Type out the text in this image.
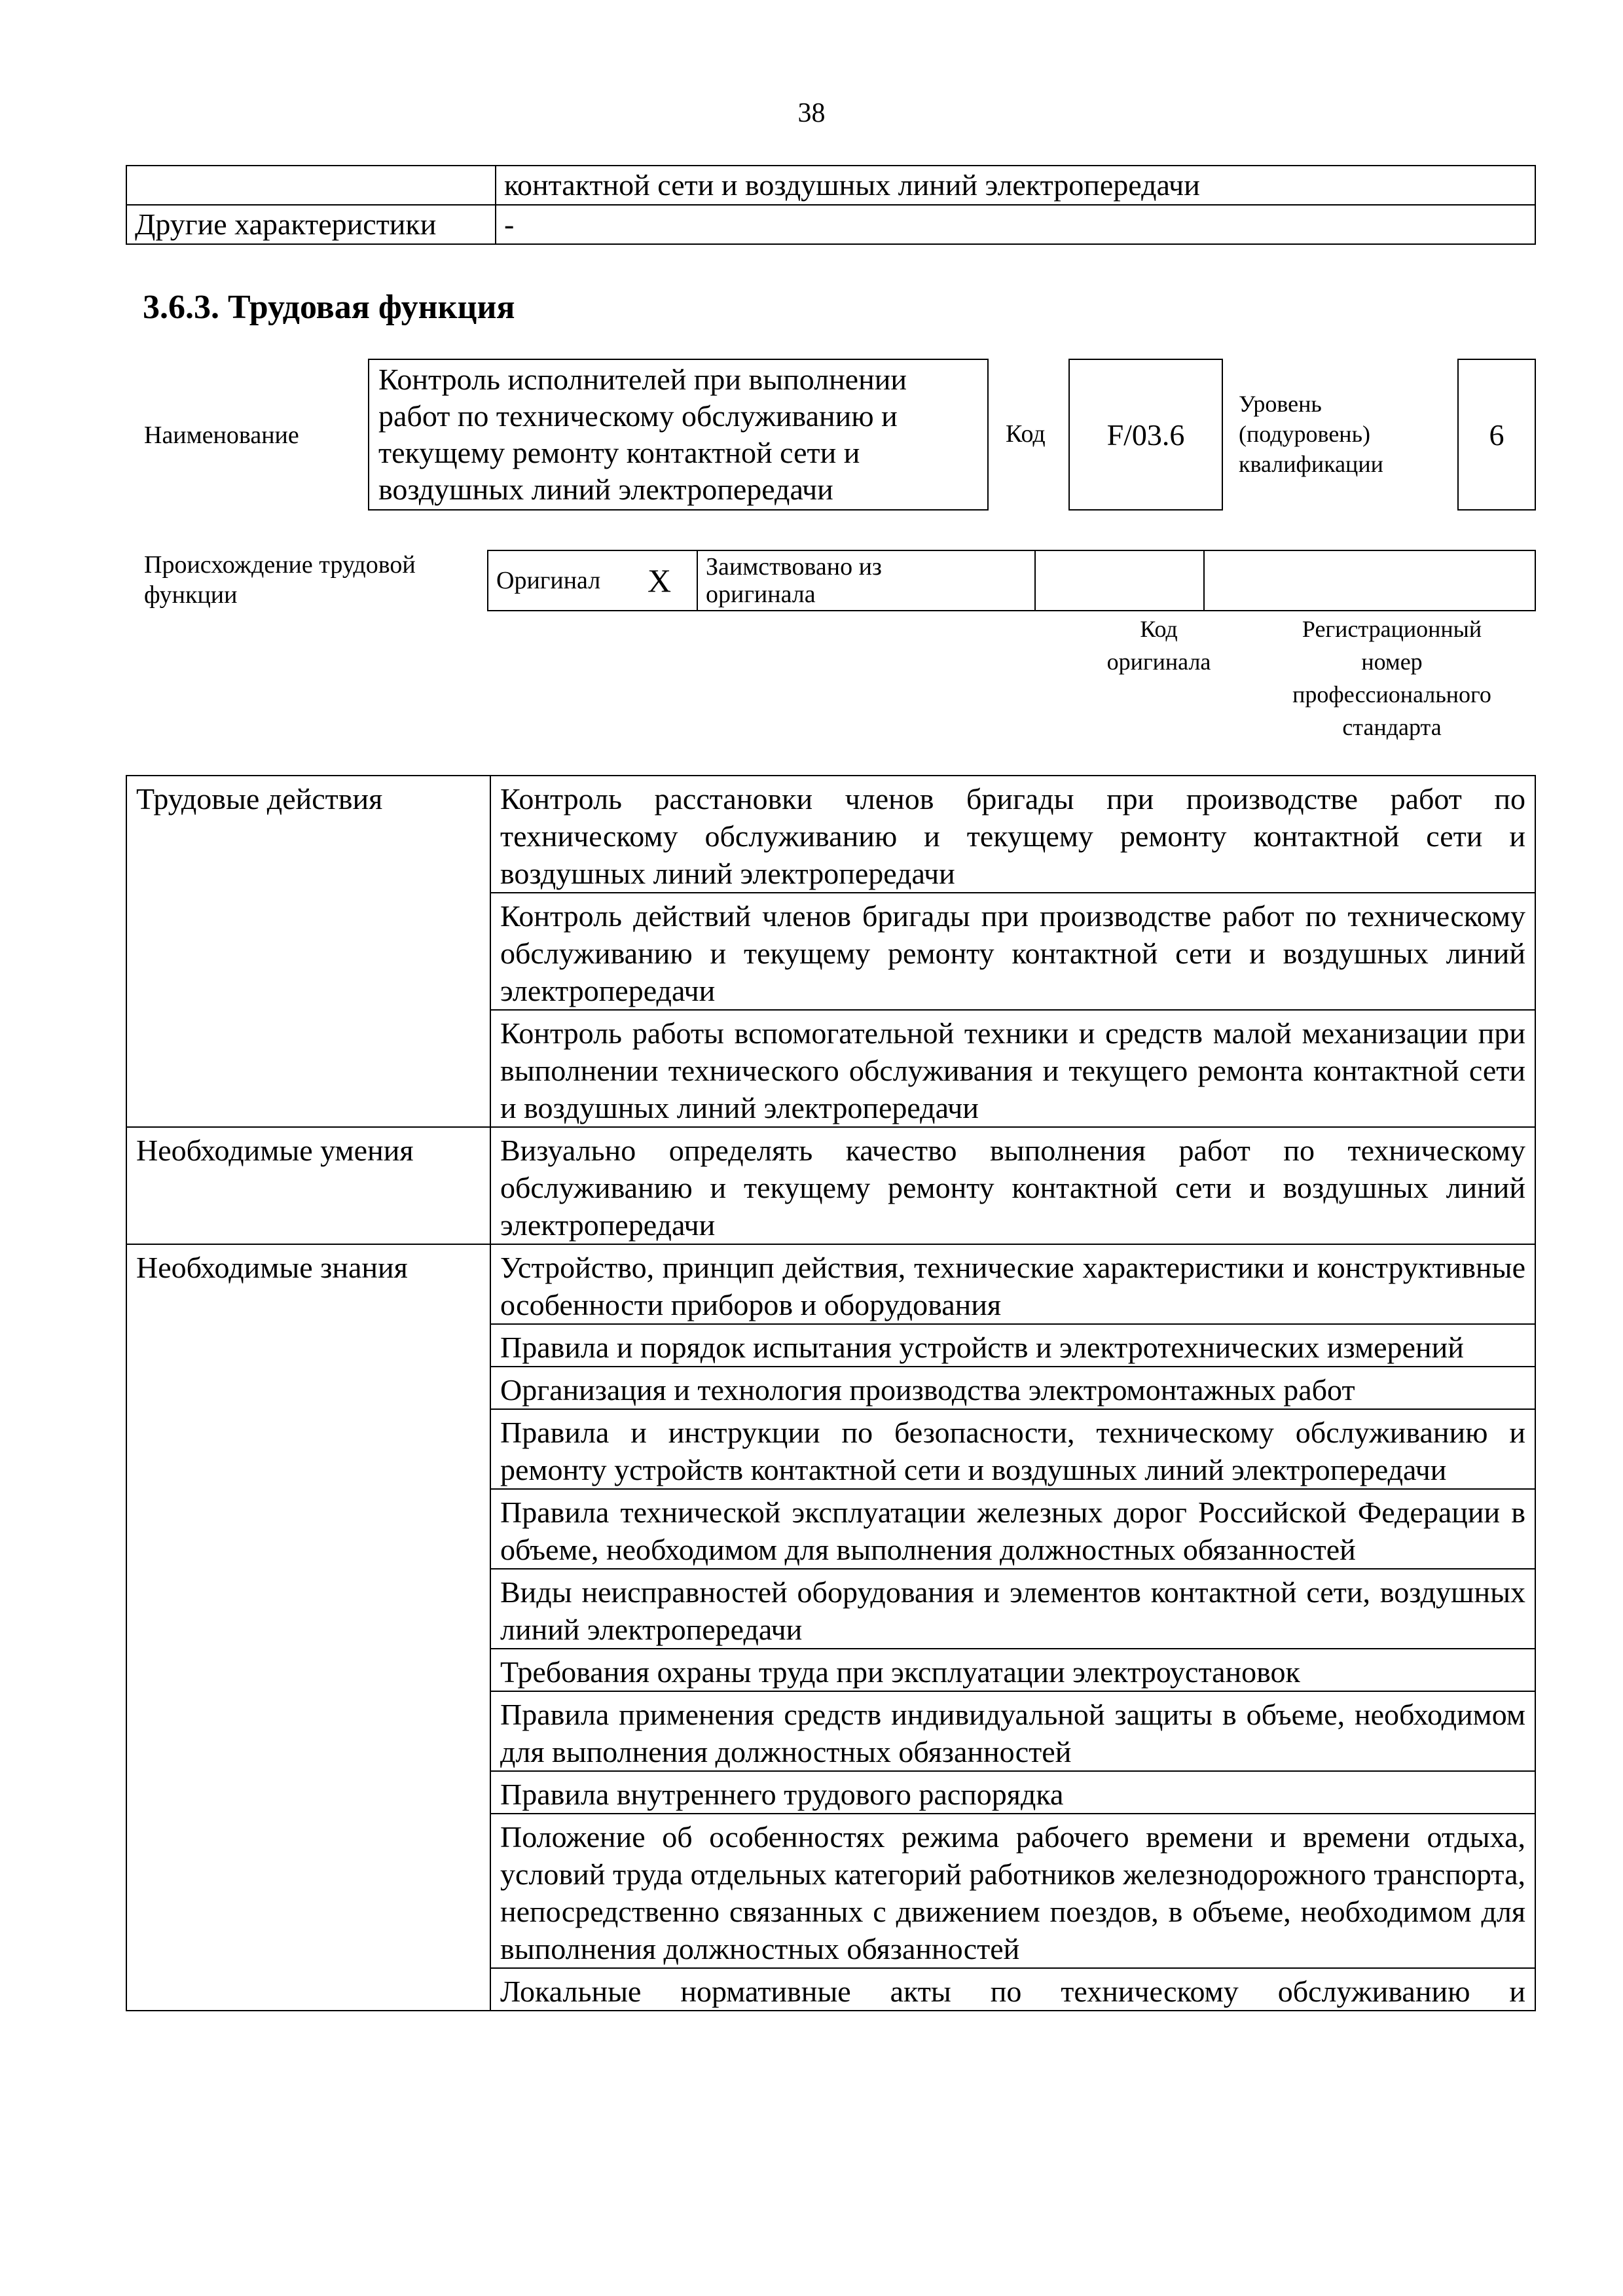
38
	контактной сети и воздушных линий электропередачи
Другие характеристики	-
3.6.3. Трудовая функция
Наименование
Контроль исполнителей при выполнении работ по техническому обслуживанию и текущему ремонту контактной сети и воздушных линий электропередачи
Код F/03.6
Уровень
(подуровень)
квалификации
6
Происхождение трудовой функции
Оригинал	X	Заимствовано из
оригинала

Код
оригинала
Регистрационный
номер
профессионального
стандарта
Трудовые действия	Контроль расстановки членов бригады при производстве работ по техническому обслуживанию и текущему ремонту контактной сети и воздушных линий электропередачи
	Контроль действий членов бригады при производстве работ по техническому обслуживанию и текущему ремонту контактной сети и воздушных линий электропередачи
	Контроль работы вспомогательной техники и средств малой механизации при выполнении технического обслуживания и текущего ремонта контактной сети и воздушных линий электропередачи
Необходимые умения	Визуально определять качество выполнения работ по техническому обслуживанию и текущему ремонту контактной сети и воздушных линий электропередачи
Необходимые знания	Устройство, принцип действия, технические характеристики и конструктивные особенности приборов и оборудования
	Правила и порядок испытания устройств и электротехнических измерений
	Организация и технология производства электромонтажных работ
	Правила и инструкции по безопасности, техническому обслуживанию и ремонту устройств контактной сети и воздушных линий электропередачи
	Правила технической эксплуатации железных дорог Российской Федерации в объеме, необходимом для выполнения должностных обязанностей
	Виды неисправностей оборудования и элементов контактной сети, воздушных линий электропередачи
	Требования охраны труда при эксплуатации электроустановок
	Правила применения средств индивидуальной защиты в объеме, необходимом для выполнения должностных обязанностей
	Правила внутреннего трудового распорядка
	Положение об особенностях режима рабочего времени и времени отдыха, условий труда отдельных категорий работников железнодорожного транспорта, непосредственно связанных с движением поездов, в объеме, необходимом для выполнения должностных обязанностей
	Локальные нормативные акты по техническому обслуживанию и
